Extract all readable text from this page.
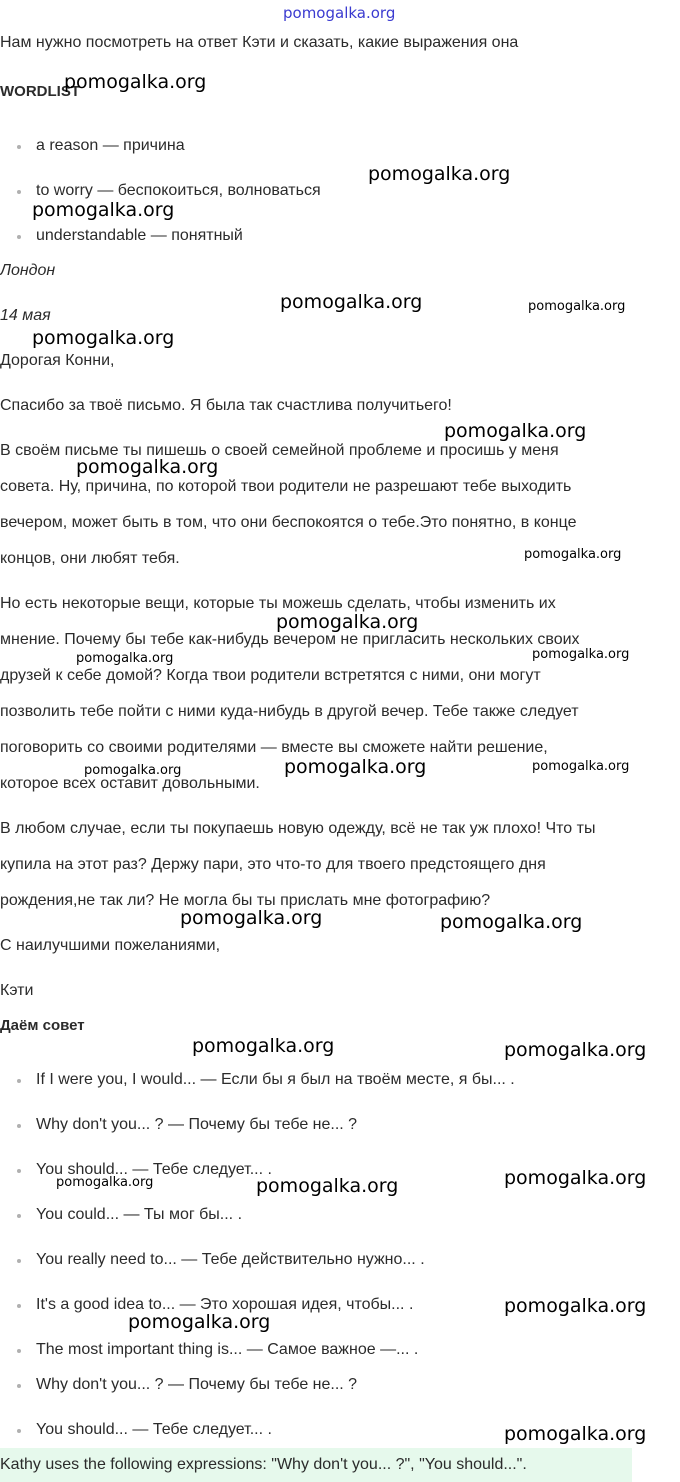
pomogalka.org
Нам нужно посмотреть на ответ Кэти и сказать, какие выражения она
WORDLIST
a reason — причина
to worry — беспокоиться, волноваться
understandable — понятный
Лондон
14 мая
Дорогая Конни,
Спасибо за твоё письмо. Я была так счастлива получитьего!
В своём письме ты пишешь о своей семейной проблеме и просишь у меня
совета. Ну, причина, по которой твои родители не разрешают тебе выходить
вечером, может быть в том, что они беспокоятся о тебе.Это понятно, в конце
концов, они любят тебя.
Но есть некоторые вещи, которые ты можешь сделать, чтобы изменить их
мнение. Почему бы тебе как-нибудь вечером не пригласить нескольких своих
друзей к себе домой? Когда твои родители встретятся с ними, они могут
позволить тебе пойти с ними куда-нибудь в другой вечер. Тебе также следует
поговорить со своими родителями — вместе вы сможете найти решение,
которое всех оставит довольными.
В любом случае, если ты покупаешь новую одежду, всё не так уж плохо! Что ты
купила на этот раз? Держу пари, это что-то для твоего предстоящего дня
рождения,не так ли? Не могла бы ты прислать мне фотографию?
С наилучшими пожеланиями,
Кэти
Даём совет
If I were you, I would... — Если бы я был на твоём месте, я бы... .
Why don't you... ? — Почему бы тебе не... ?
You should... — Тебе следует... .
You could... — Ты мог бы... .
You really need to... — Тебе действительно нужно... .
It's a good idea to... — Это хорошая идея, чтобы... .
The most important thing is... — Самое важное —... .
Why don't you... ? — Почему бы тебе не... ?
You should... — Тебе следует... .
Kathy uses the following expressions: "Why don't you... ?", "You should...".
pomogalka.org
pomogalka.org
pomogalka.org
pomogalka.org	pomogalka.org
pomogalka.org
pomogalka.org
pomogalka.org
pomogalka.org
pomogalka.org
pomogalka.org	pomogalka.org
pomogalka.org	pomogalka.org	pomogalka.org
pomogalka.org	pomogalka.org
pomogalka.org	pomogalka.org
pomogalka.org
pomogalka.org	pomogalka.org
pomogalka.org
pomogalka.org
pomogalka.org
